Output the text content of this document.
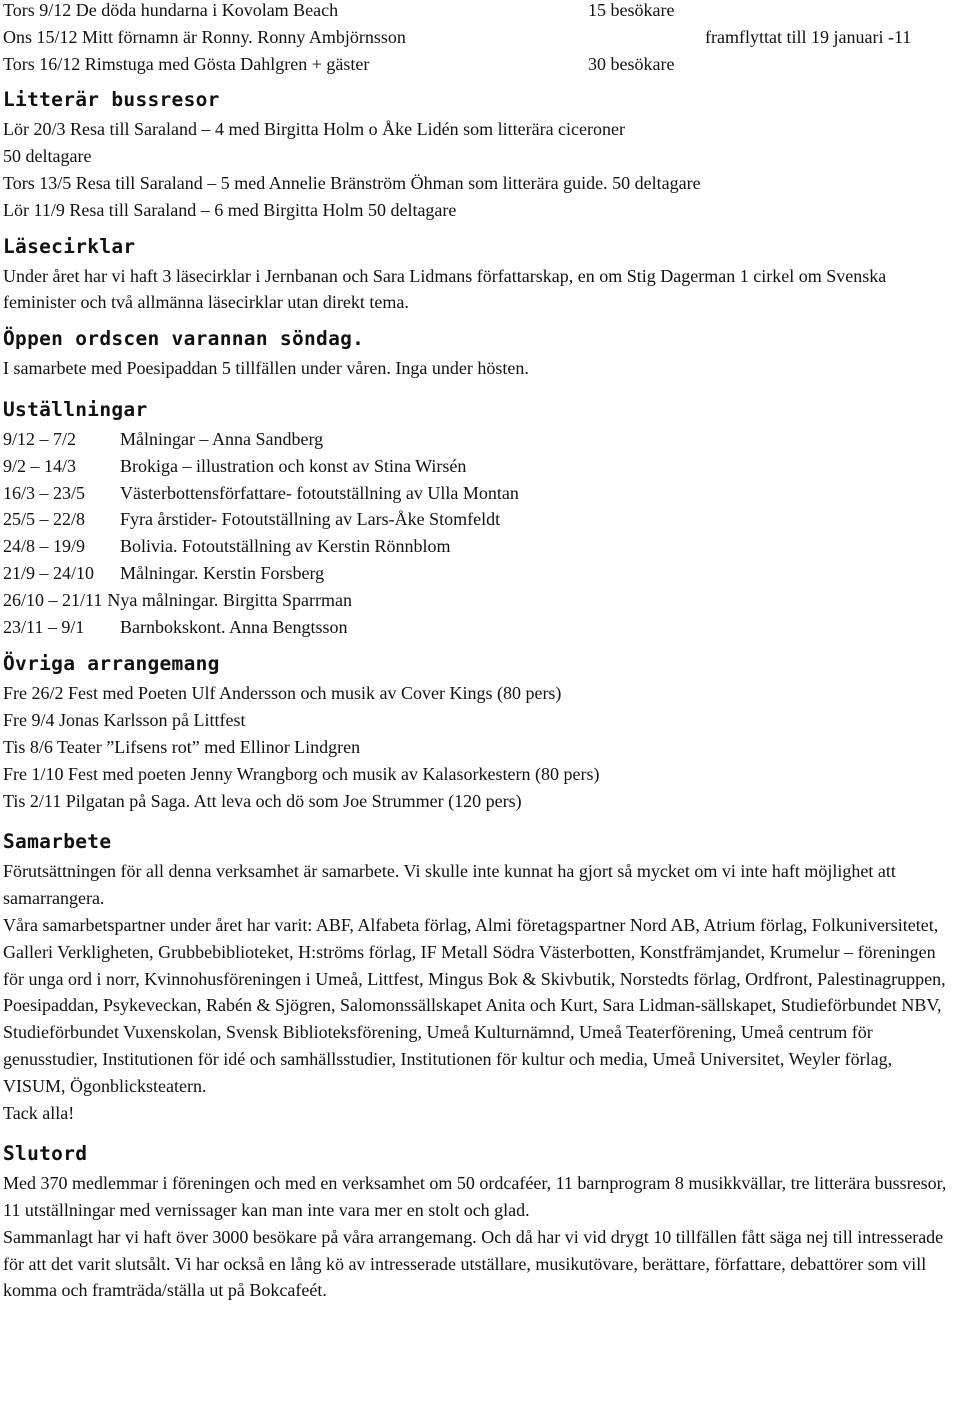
Tors 9/12 De döda hundarna i Kovolam Beach	15 besökare
Ons 15/12 Mitt förnamn är Ronny. Ronny Ambjörnsson	framflyttat till 19 januari -11
Tors 16/12 Rimstuga med Gösta Dahlgren + gäster	30 besökare
Litterär bussresor
Lör 20/3 Resa till Saraland – 4 med Birgitta Holm o Åke Lidén som litterära ciceroner
50 deltagare
Tors 13/5 Resa till Saraland – 5 med Annelie Bränström Öhman som litterära guide. 50 deltagare
Lör 11/9 Resa till Saraland – 6 med Birgitta Holm 50 deltagare
Läsecirklar
Under året har vi haft 3 läsecirklar i Jernbanan och Sara Lidmans författarskap, en om Stig Dagerman 1 cirkel om Svenska feminister och två allmänna läsecirklar utan direkt tema.
Öppen ordscen varannan söndag.
I samarbete med Poesipaddan 5 tillfällen under våren. Inga under hösten.
Uställningar
9/12 – 7/2	Målningar – Anna Sandberg
9/2 – 14/3	Brokiga – illustration och konst av Stina Wirsén
16/3 – 23/5	Västerbottensförfattare- fotoutställning av Ulla Montan
25/5 – 22/8	Fyra årstider- Fotoutställning av Lars-Åke Stomfeldt
24/8 – 19/9	Bolivia. Fotoutställning av Kerstin Rönnblom
21/9 – 24/10	Målningar. Kerstin Forsberg
26/10 – 21/11 Nya målningar. Birgitta Sparrman
23/11 – 9/1	Barnbokskont. Anna Bengtsson
Övriga arrangemang
Fre 26/2 Fest med Poeten Ulf Andersson och musik av Cover Kings (80 pers)
Fre 9/4 Jonas Karlsson på Littfest
Tis 8/6 Teater ”Lifsens rot” med Ellinor Lindgren
Fre 1/10 Fest med poeten Jenny Wrangborg och musik av Kalasorkestern (80 pers)
Tis 2/11 Pilgatan på Saga. Att leva och dö som Joe Strummer (120 pers)
Samarbete
Förutsättningen för all denna verksamhet är samarbete. Vi skulle inte kunnat ha gjort så mycket om vi inte haft möjlighet att samarrangera.
Våra samarbetspartner under året har varit: ABF, Alfabeta förlag, Almi företagspartner Nord AB, Atrium förlag, Folkuniversitetet, Galleri Verkligheten, Grubbebiblioteket, H:ströms förlag, IF Metall Södra Västerbotten, Konstfrämjandet, Krumelur – föreningen för unga ord i norr, Kvinnohusföreningen i Umeå, Littfest, Mingus Bok & Skivbutik, Norstedts förlag, Ordfront, Palestinagruppen, Poesipaddan, Psykeveckan, Rabén & Sjögren, Salomonssällskapet Anita och Kurt, Sara Lidman-sällskapet, Studieförbundet NBV, Studieförbundet Vuxenskolan, Svensk Biblioteksförening, Umeå Kulturnämnd, Umeå Teaterförening, Umeå centrum för genusstudier, Institutionen för idé och samhällsstudier, Institutionen för kultur och media, Umeå Universitet, Weyler förlag, VISUM, Ögonblicksteatern.
Tack alla!
Slutord
Med 370 medlemmar i föreningen och med en verksamhet om 50 ordcaféer, 11 barnprogram 8 musikkvällar, tre litterära bussresor, 11 utställningar med vernissager kan man inte vara mer en stolt och glad.
Sammanlagt har vi haft över 3000 besökare på våra arrangemang. Och då har vi vid drygt 10 tillfällen fått säga nej till intresserade för att det varit slutsålt. Vi har också en lång kö av intresserade utställare, musikutövare, berättare, författare, debattörer som vill komma och framträda/ställa ut på Bokcafeét.
